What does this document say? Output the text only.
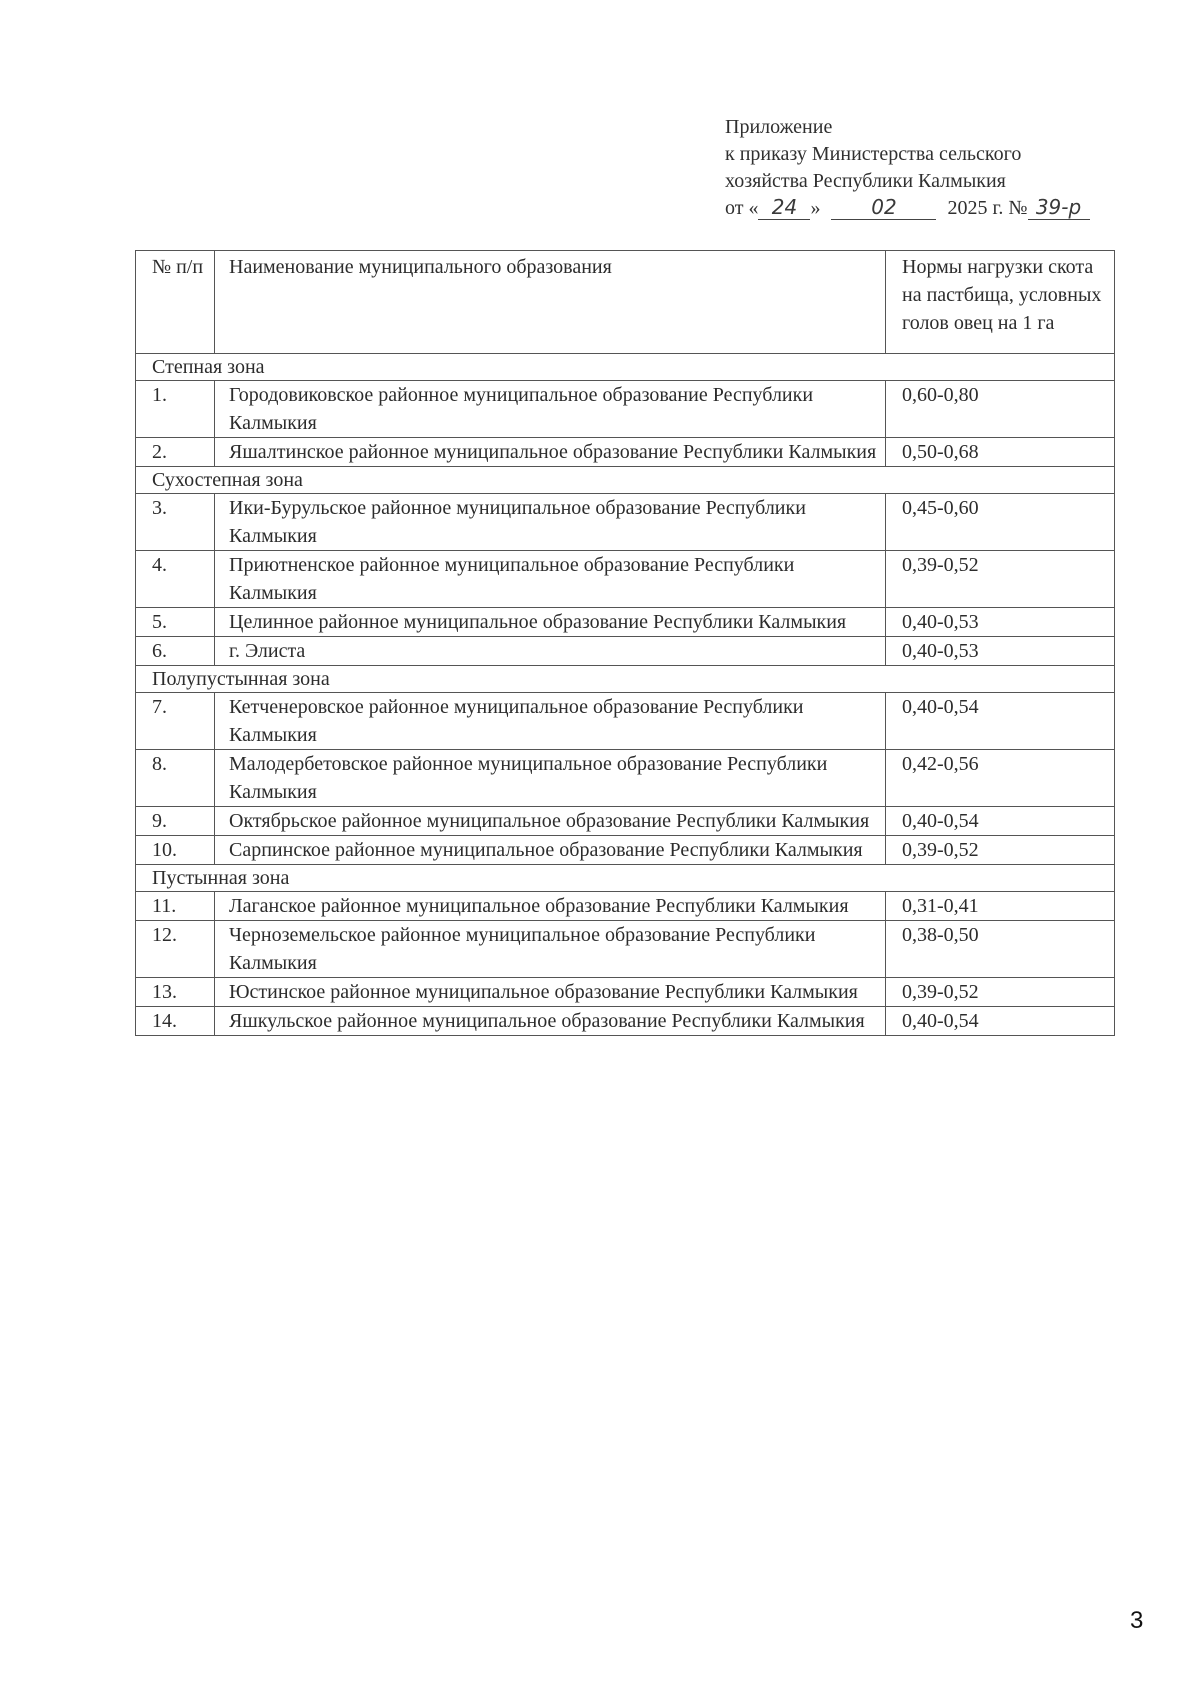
Приложение
к приказу Министерства сельского
хозяйства Республики Калмыкия
от « 24 »	02	2025 г. № 39-р
№ п/п	Наименование муниципального образования	Нормы нагрузки скота на пастбища, условных голов овец на 1 га
Степная зона		
1.	Городовиковское районное муниципальное образование Республики Калмыкия	0,60-0,80
2.	Яшалтинское районное муниципальное образование Республики Калмыкия	0,50-0,68
Сухостепная зона		
3.	Ики-Бурульское районное муниципальное образование Республики Калмыкия	0,45-0,60
4.	Приютненское районное муниципальное образование Республики Калмыкия	0,39-0,52
5.	Целинное районное муниципальное образование Республики Калмыкия	0,40-0,53
6.	г. Элиста	0,40-0,53
Полупустынная зона		
7.	Кетченеровское районное муниципальное образование Республики Калмыкия	0,40-0,54
8.	Малодербетовское районное муниципальное образование Республики Калмыкия	0,42-0,56
9.	Октябрьское районное муниципальное образование Республики Калмыкия	0,40-0,54
10.	Сарпинское районное муниципальное образование Республики Калмыкия	0,39-0,52
Пустынная зона		
11.	Лаганское районное муниципальное образование Республики Калмыкия	0,31-0,41
12.	Черноземельское районное муниципальное образование Республики Калмыкия	0,38-0,50
13.	Юстинское районное муниципальное образование Республики Калмыкия	0,39-0,52
14.	Яшкульское районное муниципальное образование Республики Калмыкия	0,40-0,54
3
